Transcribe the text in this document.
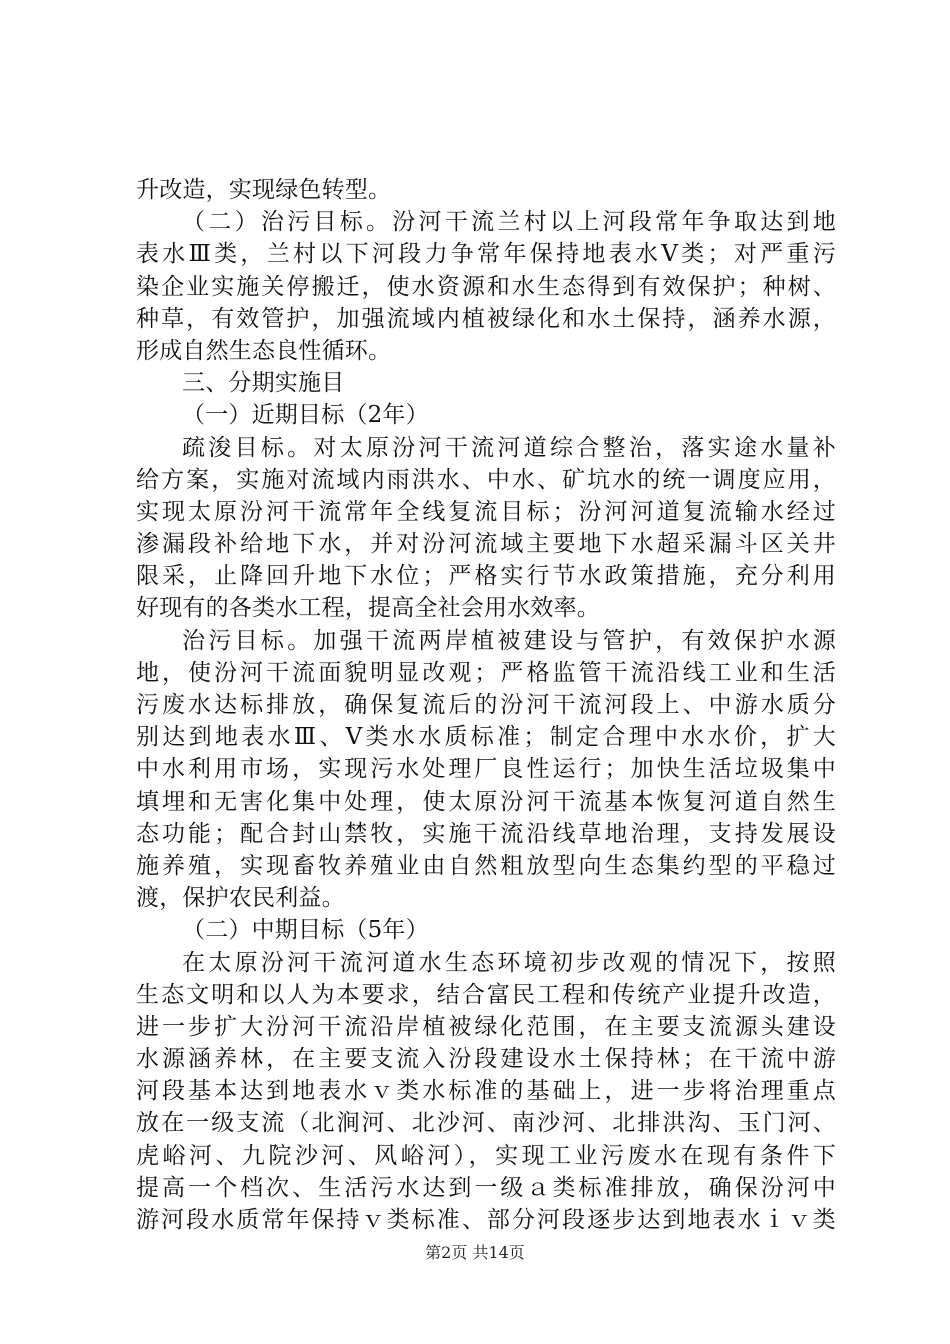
升改造，实现绿色转型。
（二）治污目标。汾河干流兰村以上河段常年争取达到地
表水Ⅲ类，兰村以下河段力争常年保持地表水Ⅴ类；对严重污
染企业实施关停搬迁，使水资源和水生态得到有效保护；种树、
种草，有效管护，加强流域内植被绿化和水土保持，涵养水源，
形成自然生态良性循环。
三、分期实施目
（一）近期目标（2年）
疏浚目标。对太原汾河干流河道综合整治，落实途水量补
给方案，实施对流域内雨洪水、中水、矿坑水的统一调度应用，
实现太原汾河干流常年全线复流目标；汾河河道复流输水经过
渗漏段补给地下水，并对汾河流域主要地下水超采漏斗区关井
限采，止降回升地下水位；严格实行节水政策措施，充分利用
好现有的各类水工程，提高全社会用水效率。
治污目标。加强干流两岸植被建设与管护，有效保护水源
地，使汾河干流面貌明显改观；严格监管干流沿线工业和生活
污废水达标排放，确保复流后的汾河干流河段上、中游水质分
别达到地表水Ⅲ、Ⅴ类水水质标准；制定合理中水水价，扩大
中水利用市场，实现污水处理厂良性运行；加快生活垃圾集中
填埋和无害化集中处理，使太原汾河干流基本恢复河道自然生
态功能；配合封山禁牧，实施干流沿线草地治理，支持发展设
施养殖，实现畜牧养殖业由自然粗放型向生态集约型的平稳过
渡，保护农民利益。
（二）中期目标（5年）
在太原汾河干流河道水生态环境初步改观的情况下，按照
生态文明和以人为本要求，结合富民工程和传统产业提升改造，
进一步扩大汾河干流沿岸植被绿化范围，在主要支流源头建设
水源涵养林，在主要支流入汾段建设水土保持林；在干流中游
河段基本达到地表水ｖ类水标准的基础上，进一步将治理重点
放在一级支流（北涧河、北沙河、南沙河、北排洪沟、玉门河、
虎峪河、九院沙河、风峪河），实现工业污废水在现有条件下
提高一个档次、生活污水达到一级ａ类标准排放，确保汾河中
游河段水质常年保持ｖ类标准、部分河段逐步达到地表水ｉｖ类
第2页 共14页
